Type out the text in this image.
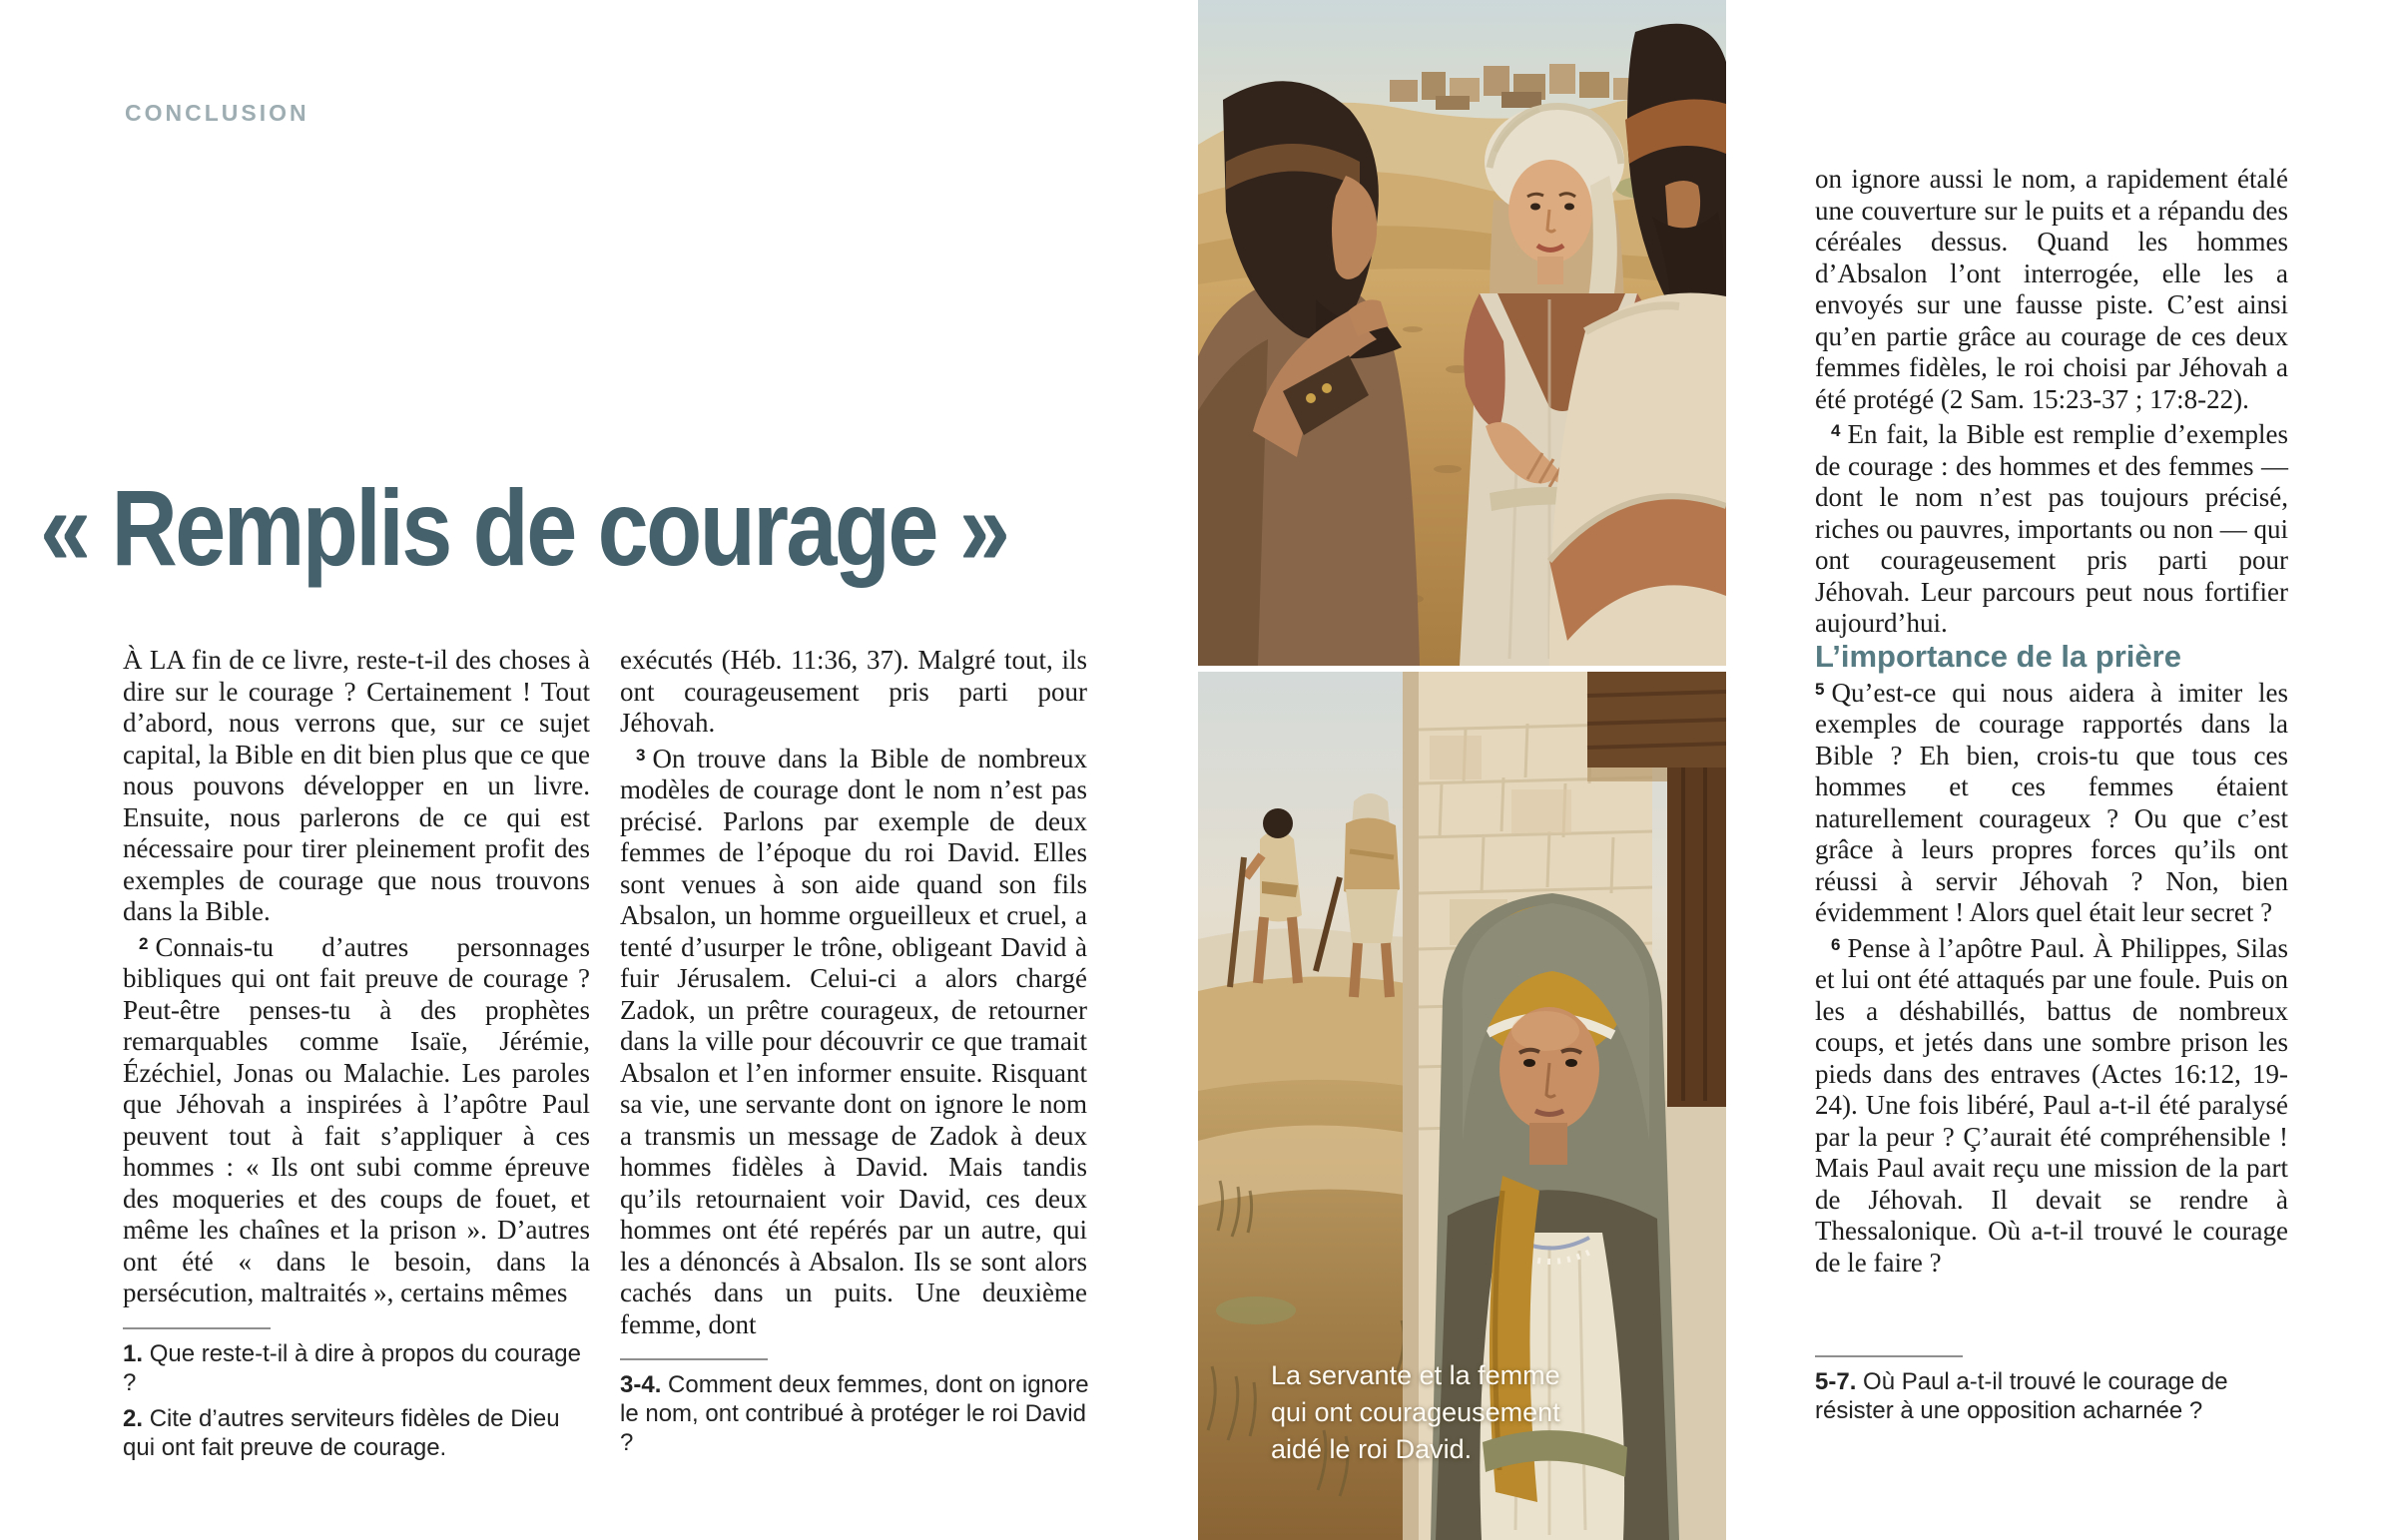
CONCLUSION
« Remplis de courage »

À LA fin de ce livre, reste-t-il des choses à dire sur le courage ? Certainement ! Tout d’abord, nous verrons que, sur ce sujet capital, la Bible en dit bien plus que ce que nous pouvons développer en un livre. Ensuite, nous parlerons de ce qui est nécessaire pour tirer pleinement profit des exemples de courage que nous trouvons dans la Bible.

$^2$ Connais-tu d’autres personnages bibliques qui ont fait preuve de courage ? Peut-être penses-tu à des prophètes remarquables comme Isaïe, Jérémie, Ézéchiel, Jonas ou Malachie. Les paroles que Jéhovah a inspirées à l’apôtre Paul peuvent tout à fait s’appliquer à ces hommes : « Ils ont subi comme épreuve des moqueries et des coups de fouet, et même les chaînes et la prison ». D’autres ont été « dans le besoin, dans la persécution, maltraités », certains mêmes

exécutés (Héb. 11:36, 37). Malgré tout, ils ont courageusement pris parti pour Jéhovah.

$^3$ On trouve dans la Bible de nombreux modèles de courage dont le nom n’est pas précisé. Parlons par exemple de deux femmes de l’époque du roi David. Elles sont venues à son aide quand son fils Absalon, un homme orgueilleux et cruel, a tenté d’usurper le trône, obligeant David à fuir Jérusalem. Celui-ci a alors chargé Zadok, un prêtre courageux, de retourner dans la ville pour découvrir ce que tramait Absalon et l’en informer ensuite. Risquant sa vie, une servante dont on ignore le nom a transmis un message de Zadok à deux hommes fidèles à David. Mais tandis qu’ils retournaient voir David, ces deux hommes ont été repérés par un autre, qui les a dénoncés à Absalon. Ils se sont alors cachés dans un puits. Une deuxième femme, dont

on ignore aussi le nom, a rapidement étalé une couverture sur le puits et a répandu des céréales dessus. Quand les hommes d’Absalon l’ont interrogée, elle les a envoyés sur une fausse piste. C’est ainsi qu’en partie grâce au courage de ces deux femmes fidèles, le roi choisi par Jéhovah a été protégé (2 Sam. 15:23-37 ; 17:8-22).

$^4$ En fait, la Bible est remplie d’exemples de courage : des hommes et des femmes — dont le nom n’est pas toujours précisé, riches ou pauvres, importants ou non — qui ont courageusement pris parti pour Jéhovah. Leur parcours peut nous fortifier aujourd’hui.

L’importance de la prière

$^5$ Qu’est-ce qui nous aidera à imiter les exemples de courage rapportés dans la Bible ? Eh bien, crois-tu que tous ces hommes et ces femmes étaient naturellement courageux ? Ou que c’est grâce à leurs propres forces qu’ils ont réussi à servir Jéhovah ? Non, bien évidemment ! Alors quel était leur secret ?

$^6$ Pense à l’apôtre Paul. À Philippes, Silas et lui ont été attaqués par une foule. Puis on les a déshabillés, battus de nombreux coups, et jetés dans une sombre prison les pieds dans des entraves (Actes 16:12, 19-24). Une fois libéré, Paul a-t-il été paralysé par la peur ? Ç’aurait été compréhensible ! Mais Paul avait reçu une mission de la part de Jéhovah. Il devait se rendre à Thessalonique. Où a-t-il trouvé le courage de le faire ?

1. Que reste-t-il à dire à propos du courage ?

2. Cite d’autres serviteurs fidèles de Dieu qui ont fait preuve de courage.

3-4. Comment deux femmes, dont on ignore le nom, ont contribué à protéger le roi David ?

5-7. Où Paul a-t-il trouvé le courage de résister à une opposition acharnée ?

La servante et la femme
qui ont courageusement
aidé le roi David.
